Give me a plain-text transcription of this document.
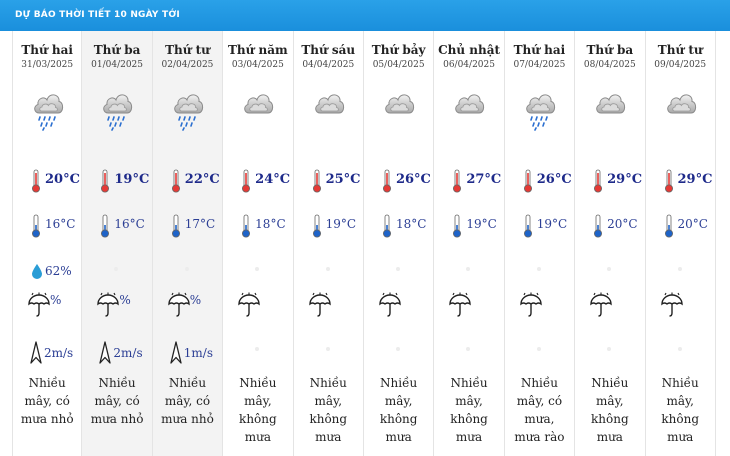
DỰ BÁO THỜI TIẾT 10 NGÀY TỚI
Thứ hai
31/03/2025
20°C
16°C
62%
%
2m/s
Nhiều mây, có mưa nhỏ
Thứ ba
01/04/2025
19°C
16°C
%
2m/s
Nhiều mây, có mưa nhỏ
Thứ tư
02/04/2025
22°C
17°C
%
1m/s
Nhiều mây, có mưa nhỏ
Thứ năm
03/04/2025
24°C
18°C
Nhiều mây, không mưa
Thứ sáu
04/04/2025
25°C
19°C
Nhiều mây, không mưa
Thứ bảy
05/04/2025
26°C
18°C
Nhiều mây, không mưa
Chủ nhật
06/04/2025
27°C
19°C
Nhiều mây, không mưa
Thứ hai
07/04/2025
26°C
19°C
Nhiều mây, có mưa, mưa rào
Thứ ba
08/04/2025
29°C
20°C
Nhiều mây, không mưa
Thứ tư
09/04/2025
29°C
20°C
Nhiều mây, không mưa
